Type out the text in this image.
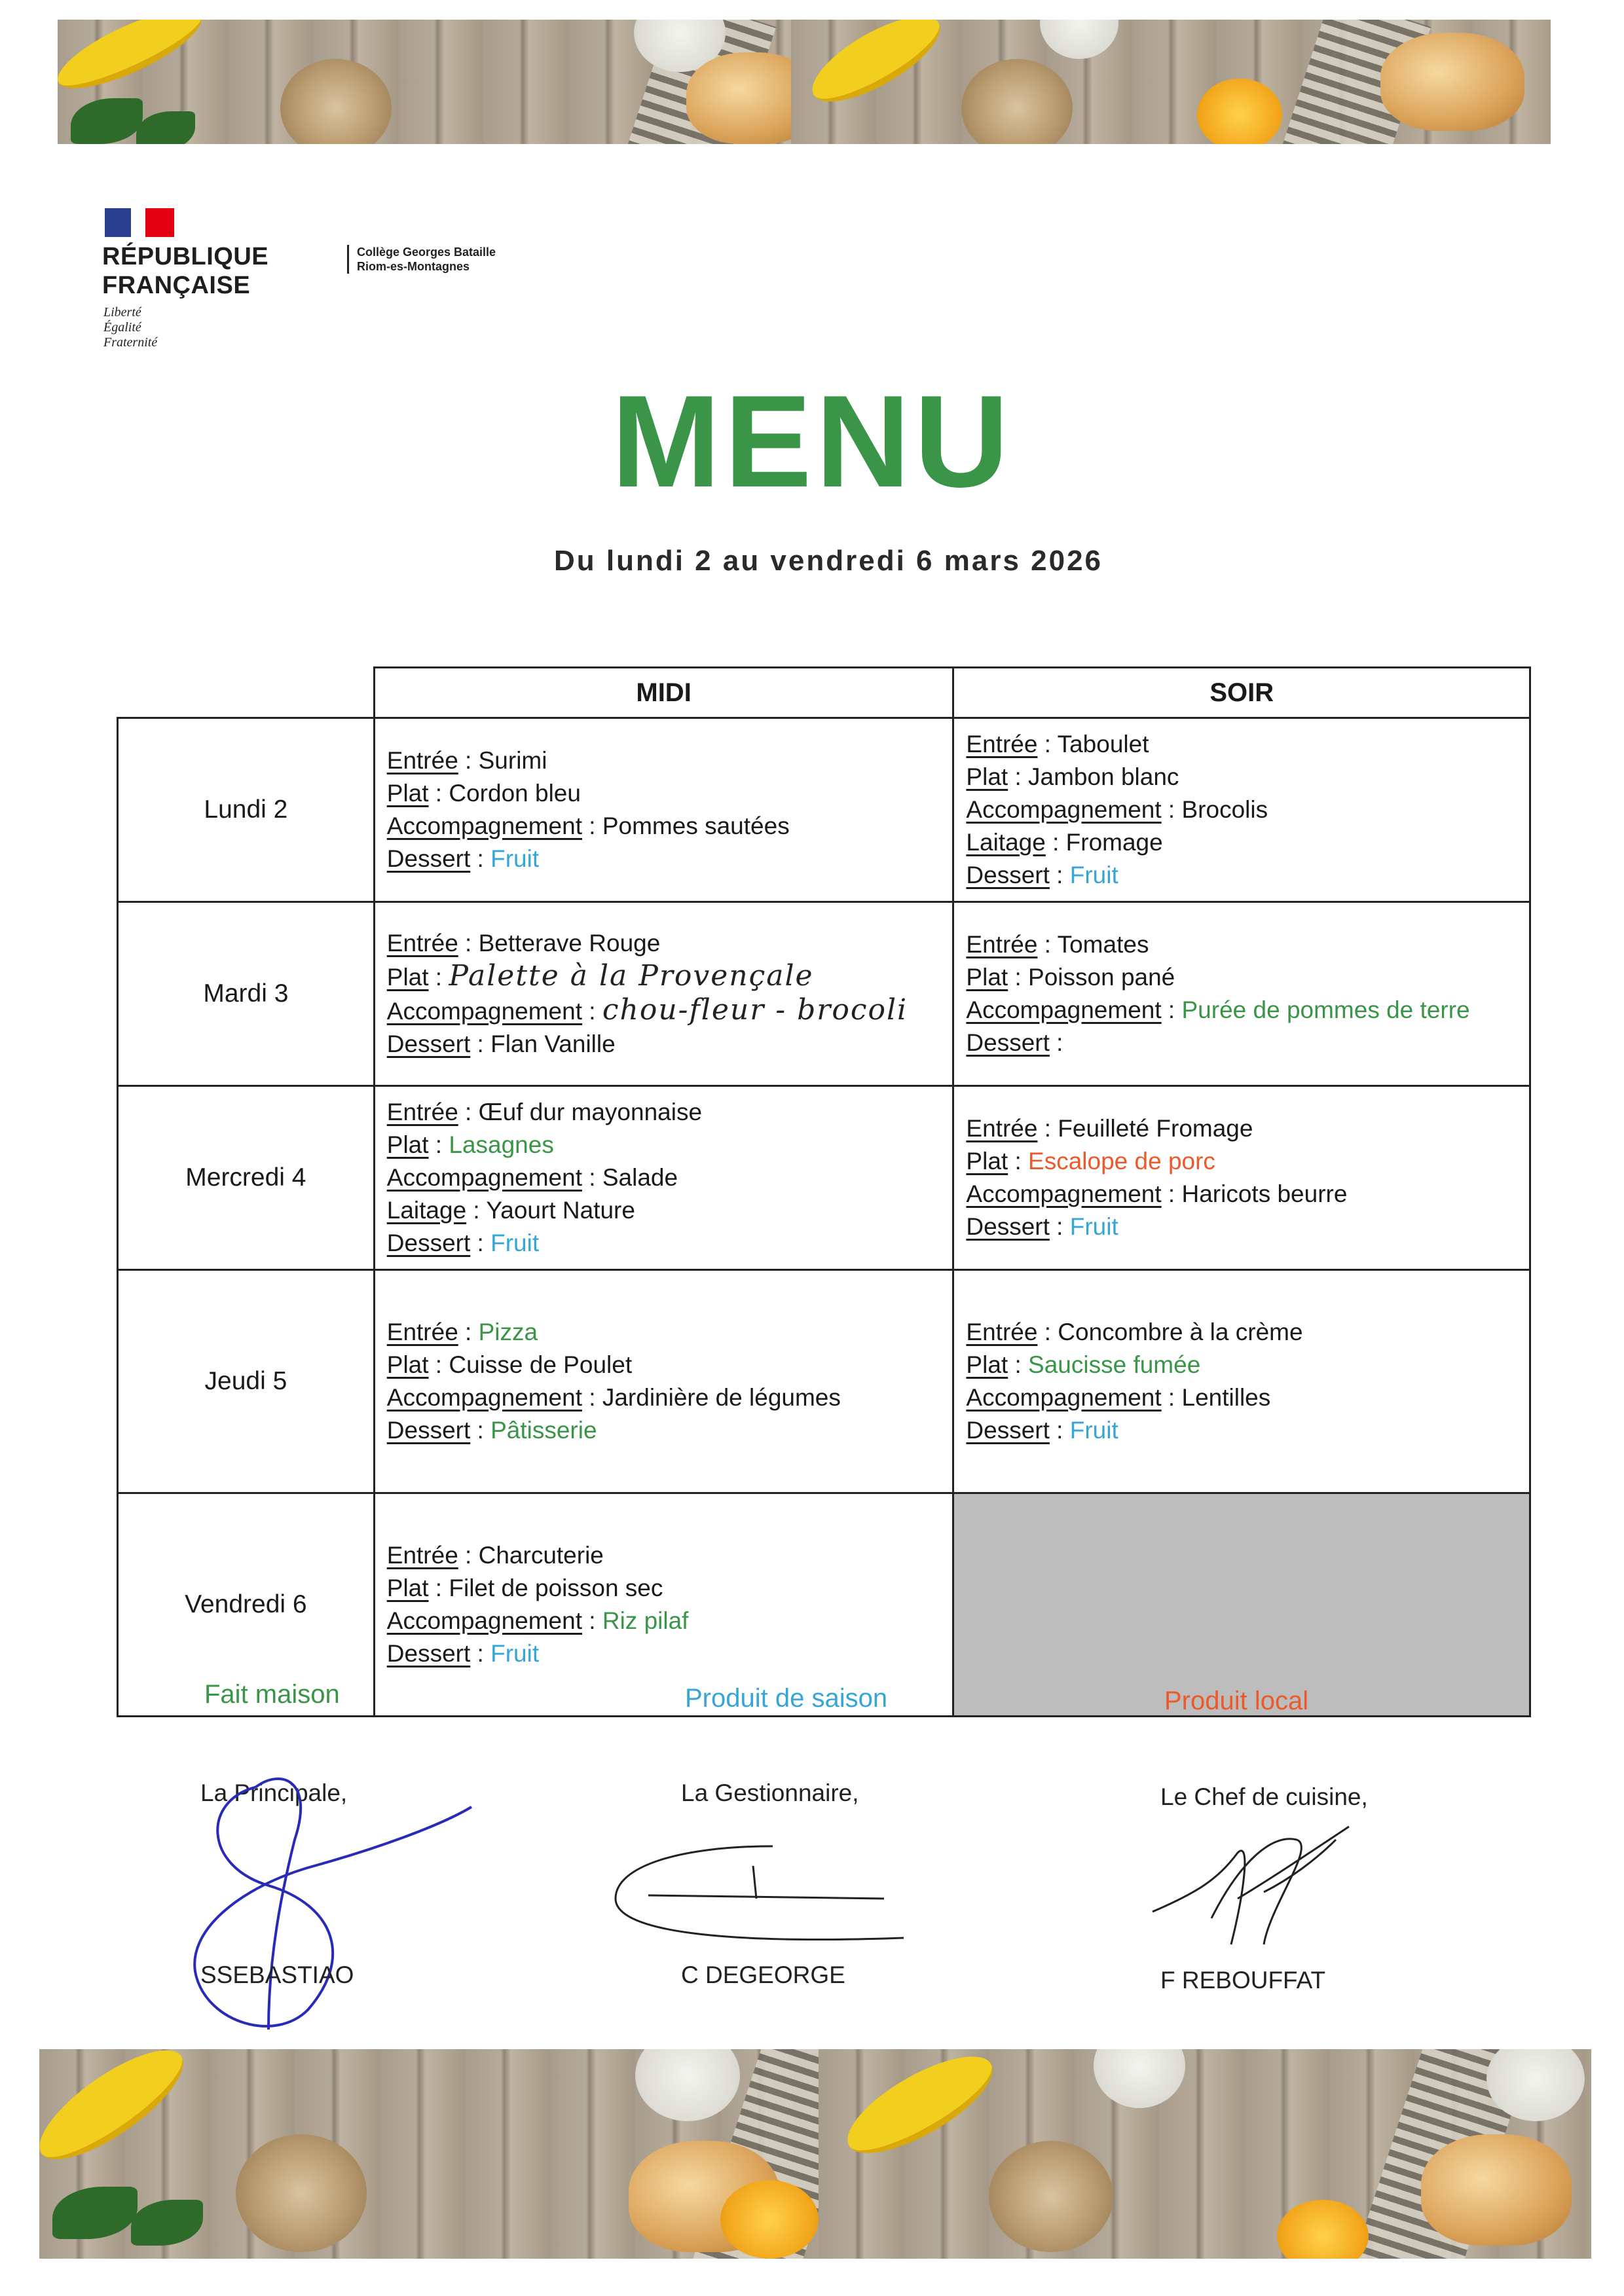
RÉPUBLIQUE
FRANÇAISE
Liberté
Égalité
Fraternité
Collège Georges Bataille
Riom-es-Montagnes
MENU
Du lundi 2 au vendredi 6 mars 2026
	MIDI	SOIR
Lundi 2	Entrée : Surimi
Plat : Cordon bleu
Accompagnement : Pommes sautées
Dessert : Fruit	Entrée : Taboulet
Plat : Jambon blanc
Accompagnement : Brocolis
Laitage : Fromage
Dessert : Fruit

Mardi 3	Entrée : Betterave Rouge
Plat : Palette à la Provençale
Accompagnement : chou-fleur - brocoli
Dessert : Flan Vanille	Entrée : Tomates
Plat : Poisson pané
Accompagnement : Purée de pommes de terre
Dessert :

Mercredi 4	Entrée : Œuf dur mayonnaise
Plat : Lasagnes
Accompagnement : Salade
Laitage : Yaourt Nature
Dessert : Fruit	Entrée : Feuilleté Fromage
Plat : Escalope de porc
Accompagnement : Haricots beurre
Dessert : Fruit

Jeudi 5	Entrée : Pizza
Plat : Cuisse de Poulet
Accompagnement : Jardinière de légumes
Dessert : Pâtisserie	Entrée : Concombre à la crème
Plat : Saucisse fumée
Accompagnement : Lentilles
Dessert : Fruit

Vendredi 6	Entrée : Charcuterie
Plat : Filet de poisson sec
Accompagnement : Riz pilaf
Dessert : Fruit	

Fait maison	Produit de saison	Produit local
La Principale,	La Gestionnaire,	Le Chef de cuisine,
SSEBASTIAO	C DEGEORGE	F REBOUFFAT
